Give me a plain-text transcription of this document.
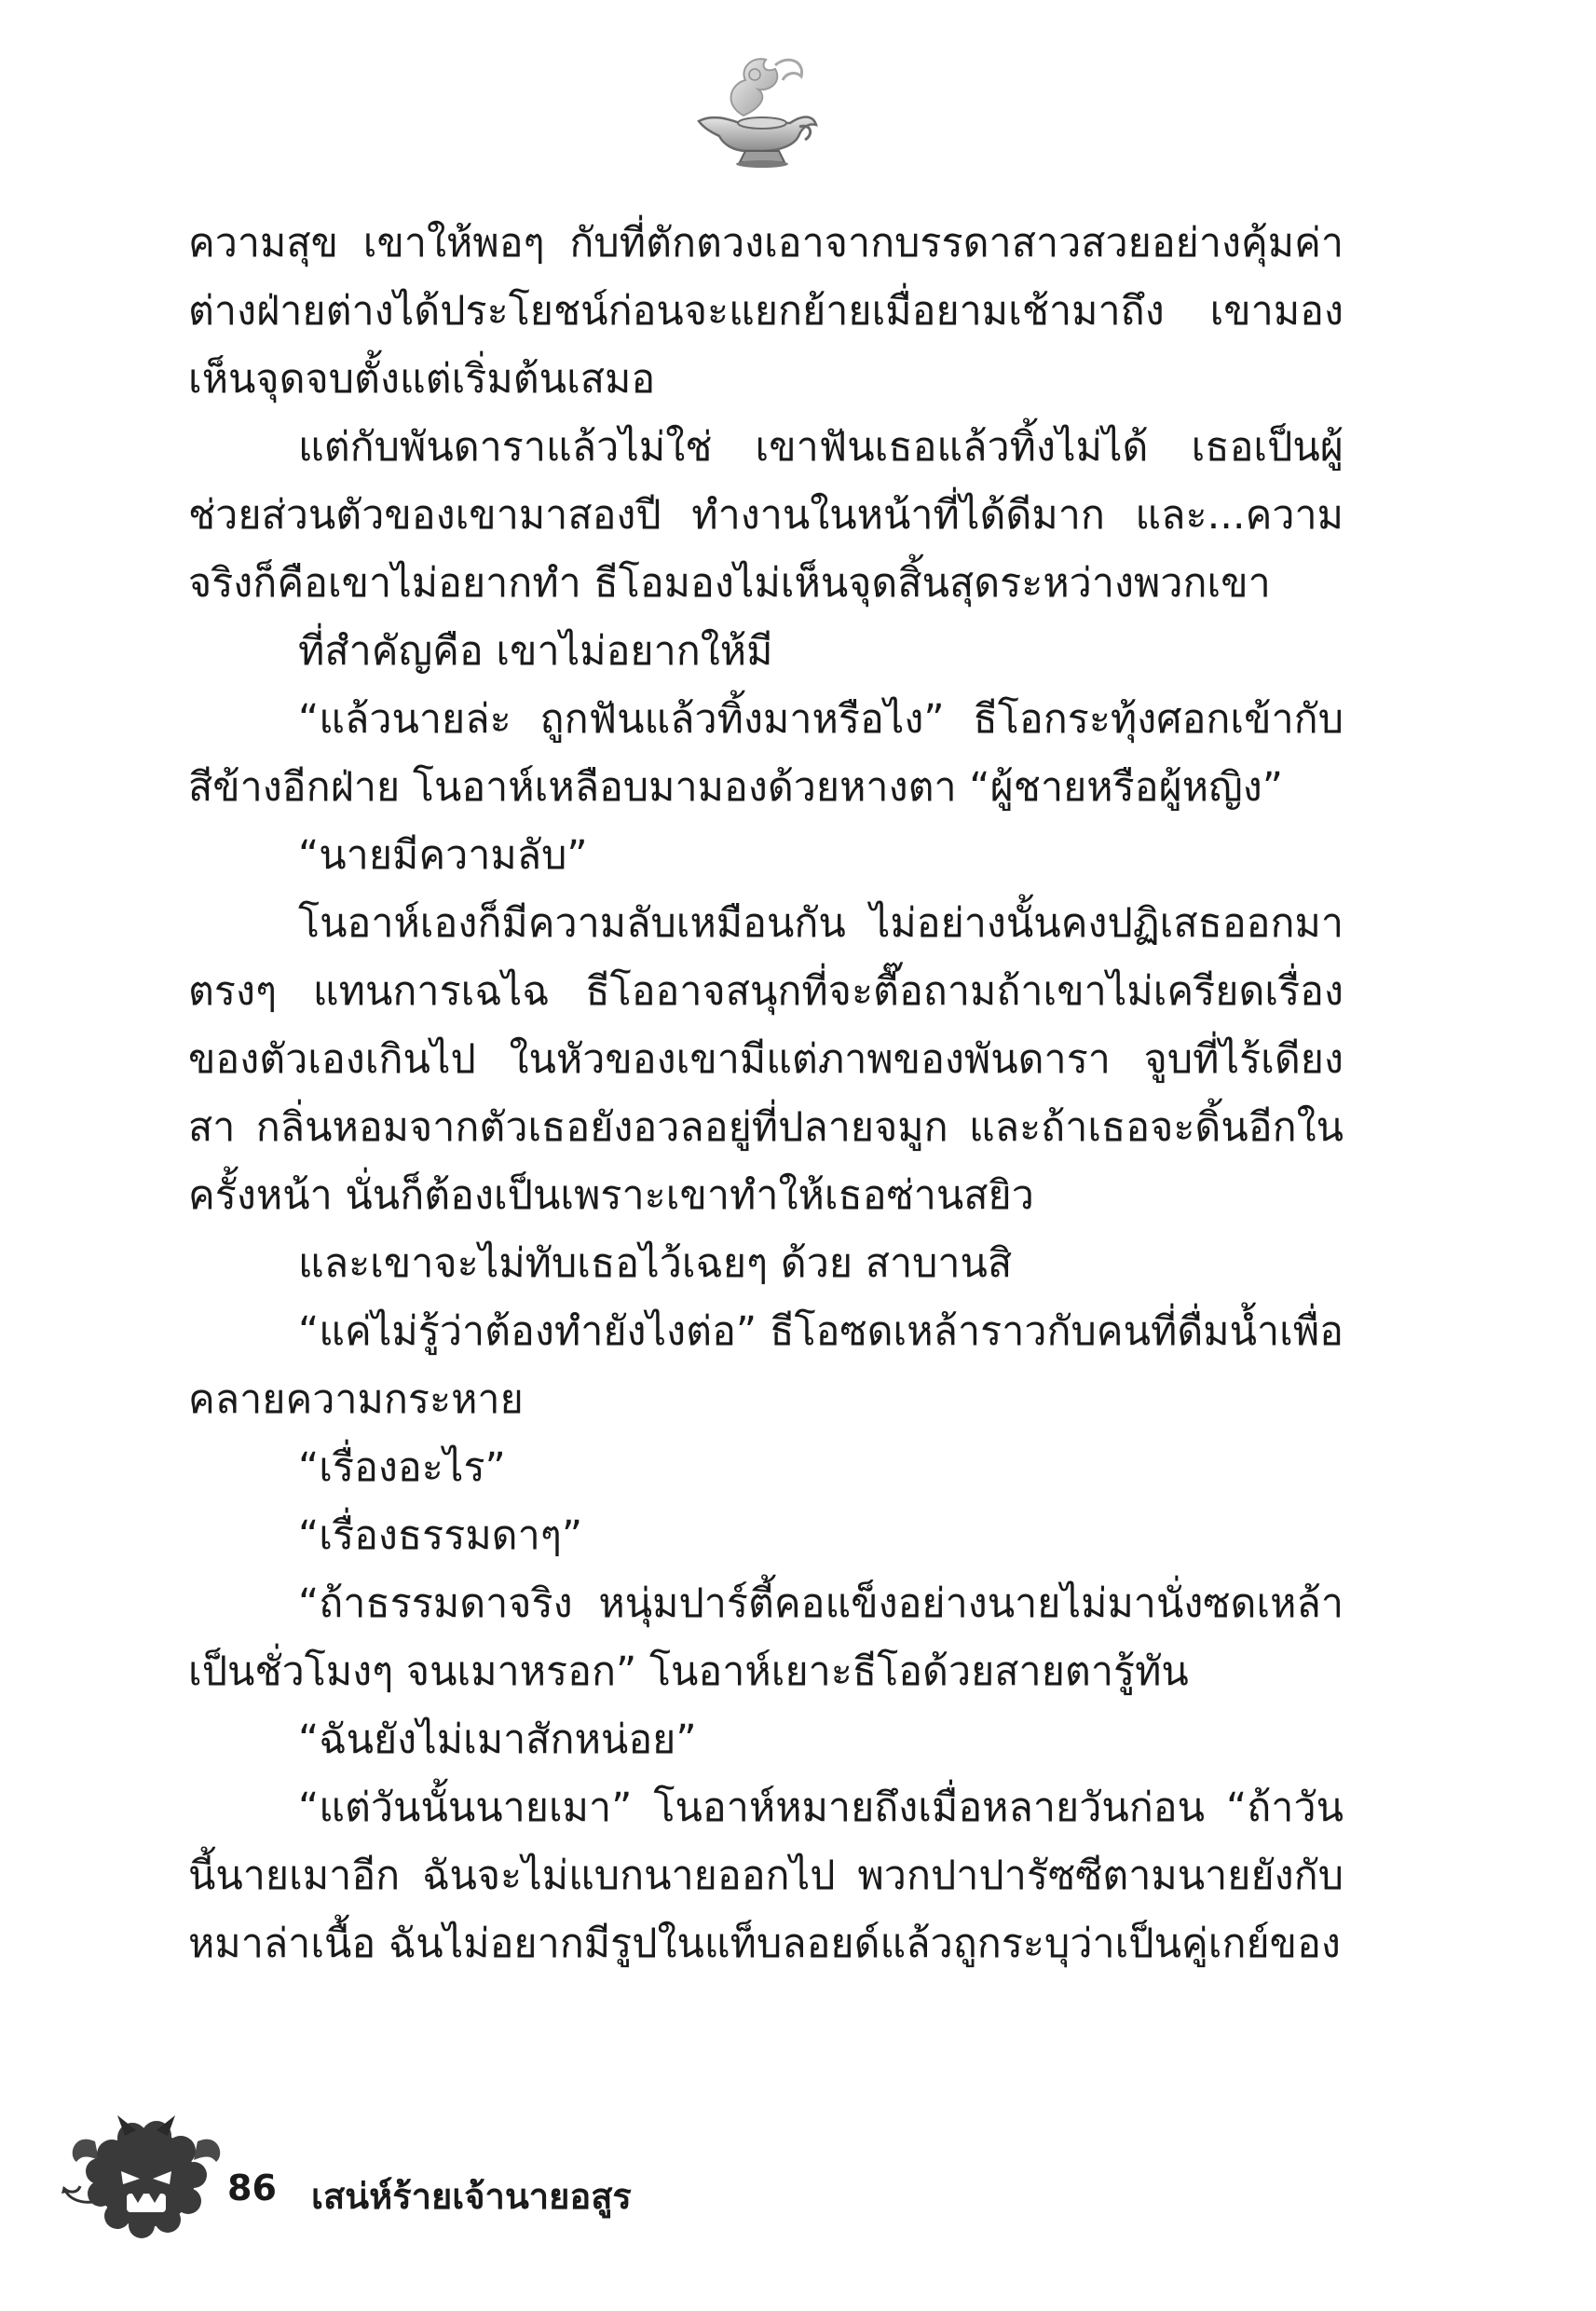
ความสุข เขาให้พอๆ กับที่ตักตวงเอาจากบรรดาสาวสวยอย่างคุ้มค่า ต่างฝ่ายต่างได้ประโยชน์ก่อนจะแยกย้ายเมื่อยามเช้ามาถึง เขามองเห็นจุดจบตั้งแต่เริ่มต้นเสมอ

แต่กับพันดาราแล้วไม่ใช่ เขาฟันเธอแล้วทิ้งไม่ได้ เธอเป็นผู้ช่วยส่วนตัวของเขามาสองปี ทำงานในหน้าที่ได้ดีมาก และ...ความจริงก็คือเขาไม่อยากทำ ธีโอมองไม่เห็นจุดสิ้นสุดระหว่างพวกเขา

ที่สำคัญคือ เขาไม่อยากให้มี

“แล้วนายล่ะ ถูกฟันแล้วทิ้งมาหรือไง” ธีโอกระทุ้งศอกเข้ากับสีข้างอีกฝ่าย โนอาห์เหลือบมามองด้วยหางตา “ผู้ชายหรือผู้หญิง”

“นายมีความลับ”

โนอาห์เองก็มีความลับเหมือนกัน ไม่อย่างนั้นคงปฏิเสธออกมาตรงๆ แทนการเฉไฉ ธีโออาจสนุกที่จะตื๊อถามถ้าเขาไม่เครียดเรื่องของตัวเองเกินไป ในหัวของเขามีแต่ภาพของพันดารา จูบที่ไร้เดียงสา กลิ่นหอมจากตัวเธอยังอวลอยู่ที่ปลายจมูก และถ้าเธอจะดิ้นอีกในครั้งหน้า นั่นก็ต้องเป็นเพราะเขาทำให้เธอซ่านสยิว

และเขาจะไม่ทับเธอไว้เฉยๆ ด้วย สาบานสิ

“แค่ไม่รู้ว่าต้องทำยังไงต่อ” ธีโอซดเหล้าราวกับคนที่ดื่มน้ำเพื่อคลายความกระหาย

“เรื่องอะไร”

“เรื่องธรรมดาๆ”

“ถ้าธรรมดาจริง หนุ่มปาร์ตี้คอแข็งอย่างนายไม่มานั่งซดเหล้าเป็นชั่วโมงๆ จนเมาหรอก” โนอาห์เยาะธีโอด้วยสายตารู้ทัน

“ฉันยังไม่เมาสักหน่อย”

“แต่วันนั้นนายเมา” โนอาห์หมายถึงเมื่อหลายวันก่อน “ถ้าวันนี้นายเมาอีก ฉันจะไม่แบกนายออกไป พวกปาปารัซซีตามนายยังกับหมาล่าเนื้อ ฉันไม่อยากมีรูปในแท็บลอยด์แล้วถูกระบุว่าเป็นคู่เกย์ของ

86 เสน่ห์ร้ายเจ้านายอสูร
